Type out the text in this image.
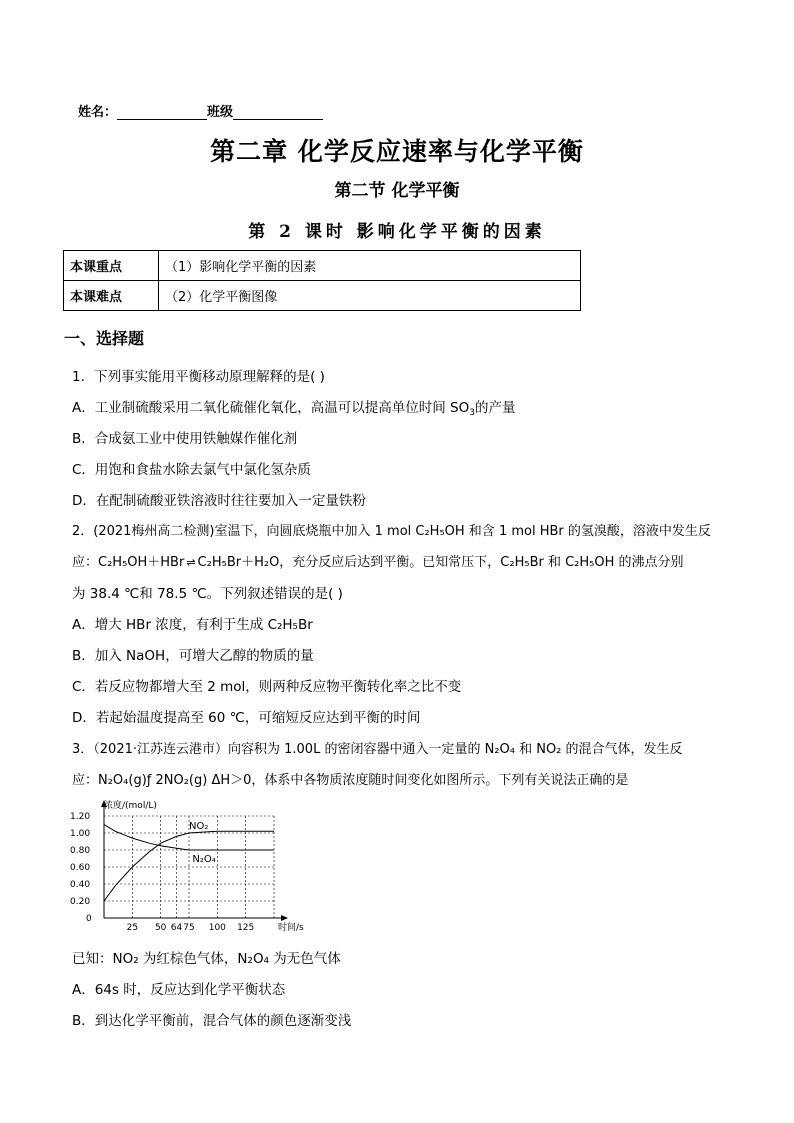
姓名：	班级
第二章 化学反应速率与化学平衡
第二节 化学平衡
第 2 课时 影响化学平衡的因素
本课重点	（1）影响化学平衡的因素
本课难点	（2）化学平衡图像
一、选择题
1．下列事实能用平衡移动原理解释的是( )
A．工业制硫酸采用二氧化硫催化氧化，高温可以提高单位时间 $SO_3$的产量
B．合成氨工业中使用铁触媒作催化剂
C．用饱和食盐水除去氯气中氯化氢杂质
D．在配制硫酸亚铁溶液时往往要加入一定量铁粉
2．(2021梅州高二检测)室温下，向圆底烧瓶中加入 1 mol C₂H₅OH 和含 1 mol HBr 的氢溴酸，溶液中发生反
应：C₂H₅OH＋HBr ⇌ C₂H₅Br＋H₂O，充分反应后达到平衡。已知常压下，C₂H₅Br 和 C₂H₅OH 的沸点分别
为 38.4 ℃和 78.5 ℃。下列叙述错误的是( )
A．增大 HBr 浓度，有利于生成 C₂H₅Br
B．加入 NaOH，可增大乙醇的物质的量
C．若反应物都增大至 2 mol，则两种反应物平衡转化率之比不变
D．若起始温度提高至 60 ℃，可缩短反应达到平衡的时间
3．（2021·江苏连云港市）向容积为 1.00L 的密闭容器中通入一定量的 N₂O₄ 和 NO₂ 的混合气体，发生反
应：N₂O₄(g)ƒ 2NO₂(g) ΔH＞0，体系中各物质浓度随时间变化如图所示。下列有关说法正确的是
1.20
1.00
0.80
0.60
0.40
0.20
0
25 50 64 75 100 125
浓度/(mol/L)
时间/s
NO₂
N₂O₄
已知：NO₂ 为红棕色气体，N₂O₄ 为无色气体
A．64s 时，反应达到化学平衡状态
B．到达化学平衡前，混合气体的颜色逐渐变浅
